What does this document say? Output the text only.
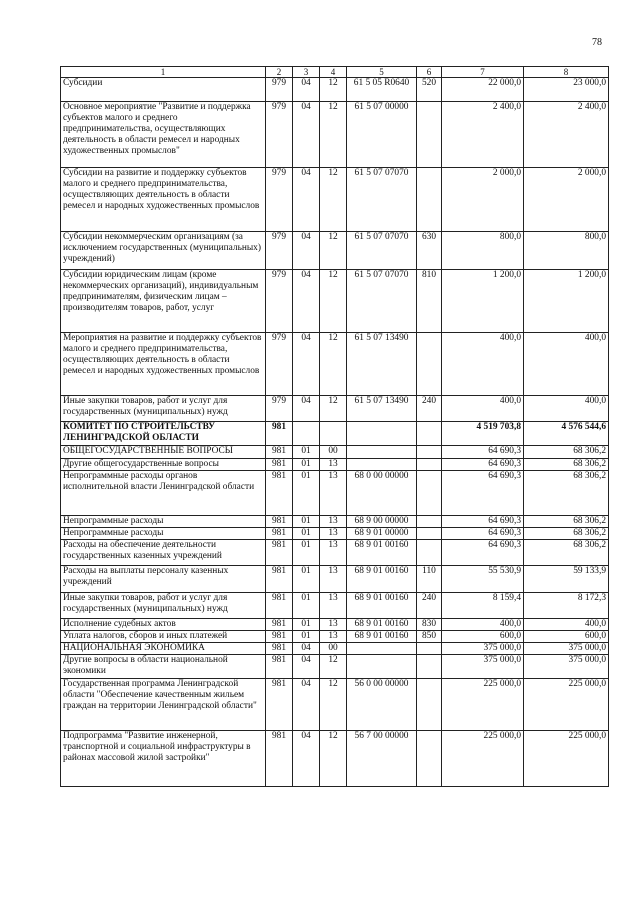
78
1	2	3	4	5	6	7	8
Субсидии	979	04	12	61 5 05 R0640	520	22 000,0	23 000,0
Основное мероприятие "Развитие и поддержка субъектов малого и среднего предпринимательства, осуществляющих деятельность в области ремесел и народных художественных промыслов"	979	04	12	61 5 07 00000		2 400,0	2 400,0
Субсидии на развитие и поддержку субъектов малого и среднего предпринимательства, осуществляющих деятельность в области ремесел и народных художественных промыслов	979	04	12	61 5 07 07070		2 000,0	2 000,0
Субсидии некоммерческим организациям (за исключением государственных (муниципальных) учреждений)	979	04	12	61 5 07 07070	630	800,0	800,0
Субсидии юридическим лицам (кроме некоммерческих организаций), индивидуальным предпринимателям, физическим лицам – производителям товаров, работ, услуг	979	04	12	61 5 07 07070	810	1 200,0	1 200,0
Мероприятия на развитие и поддержку субъектов малого и среднего предпринимательства, осуществляющих деятельность в области ремесел и народных художественных промыслов	979	04	12	61 5 07 13490		400,0	400,0
Иные закупки товаров, работ и услуг для государственных (муниципальных) нужд	979	04	12	61 5 07 13490	240	400,0	400,0
КОМИТЕТ ПО СТРОИТЕЛЬСТВУ ЛЕНИНГРАДСКОЙ ОБЛАСТИ	981					4 519 703,8	4 576 544,6
ОБЩЕГОСУДАРСТВЕННЫЕ ВОПРОСЫ	981	01	00			64 690,3	68 306,2
Другие общегосударственные вопросы	981	01	13			64 690,3	68 306,2
Непрограммные расходы органов исполнительной власти Ленинградской области	981	01	13	68 0 00 00000		64 690,3	68 306,2
Непрограммные расходы	981	01	13	68 9 00 00000		64 690,3	68 306,2
Непрограммные расходы	981	01	13	68 9 01 00000		64 690,3	68 306,2
Расходы на обеспечение деятельности государственных казенных учреждений	981	01	13	68 9 01 00160		64 690,3	68 306,2
Расходы на выплаты персоналу казенных учреждений	981	01	13	68 9 01 00160	110	55 530,9	59 133,9
Иные закупки товаров, работ и услуг для государственных (муниципальных) нужд	981	01	13	68 9 01 00160	240	8 159,4	8 172,3
Исполнение судебных актов	981	01	13	68 9 01 00160	830	400,0	400,0
Уплата налогов, сборов и иных платежей	981	01	13	68 9 01 00160	850	600,0	600,0
НАЦИОНАЛЬНАЯ ЭКОНОМИКА	981	04	00			375 000,0	375 000,0
Другие вопросы в области национальной экономики	981	04	12			375 000,0	375 000,0
Государственная программа Ленинградской области "Обеспечение качественным жильем граждан на территории Ленинградской области"	981	04	12	56 0 00 00000		225 000,0	225 000,0
Подпрограмма "Развитие инженерной, транспортной и социальной инфраструктуры в районах массовой жилой застройки"	981	04	12	56 7 00 00000		225 000,0	225 000,0
